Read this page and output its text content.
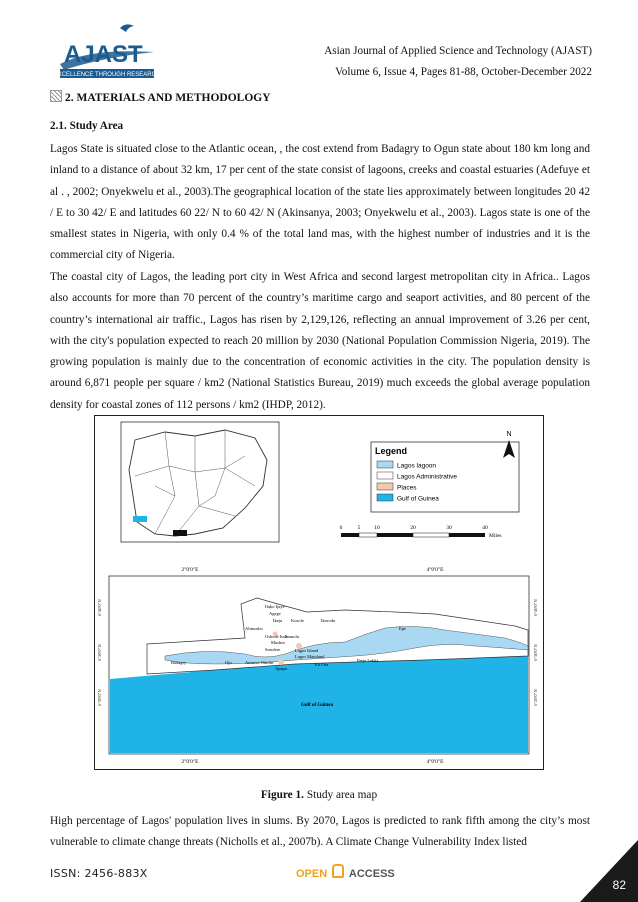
AJAST
EXCELLENCE THROUGH RESEARCH
Asian Journal of Applied Science and Technology (AJAST)
Volume 6, Issue 4, Pages 81-88, October-December 2022
2. MATERIALS AND METHODOLOGY
2.1. Study Area
Lagos State is situated close to the Atlantic ocean, , the cost extend from Badagry to Ogun state about 180 km long and inland to a distance of about 32 km, 17 per cent of the state consist of lagoons, creeks and coastal estuaries (Adefuye et al . , 2002; Onyekwelu et al., 2003).The geographical location of the state lies approximately between longitudes 20 42 / E to 30 42/ E and latitudes 60 22/ N to 60 42/ N (Akinsanya, 2003; Onyekwelu et al., 2003). Lagos state is one of the smallest states in Nigeria, with only 0.4 % of the total land mas, with the highest number of industries and it is the commercial city of Nigeria.
The coastal city of Lagos, the leading port city in West Africa and second largest metropolitan city in Africa.. Lagos also accounts for more than 70 percent of the country’s maritime cargo and seaport activities, and 80 percent of the country’s international air traffic., Lagos has risen by 2,129,126, reflecting an annual improvement of 3.26 per cent, with the city's population expected to reach 20 million by 2030 (National Population Commission Nigeria, 2019). The growing population is mainly due to the concentration of economic activities in the city. The population density is around 6,871 people per square / km2 (National Statistics Bureau, 2019) much exceeds the global average population density for coastal zones of 112 persons / km2 (IHDP, 2012).
Legend
Lagos lagoon
Lagos Administrative
Places
Gulf of Guinea
N
0	5	10	20	30	40
Miles
2°0'0"E	4°0'0"E
2°0'0"E	4°0'0"E
Ifako Ijaye
Agege
Ikeja Kosofe
Alimosho
Ikorodu
Epe
Oshodi-Isolo
Somolu
Mushin
Surulere	Lagos Island
Apapa
Ojo	Amuwo Odofin	Eti Osa
Ibeju Lekki
Badagry
Lagos Mainland
Gulf of Guinea
6°40'0"N
6°30'0"N
6°20'0"N
6°40'0"N
6°30'0"N
6°20'0"N
Figure 1. Study area map
High percentage of Lagos' population lives in slums. By 2070, Lagos is predicted to rank fifth among the city’s most vulnerable to climate change threats (Nicholls et al., 2007b). A Climate Change Vulnerability Index listed
ISSN: 2456-883X	OPEN ACCESS
82
